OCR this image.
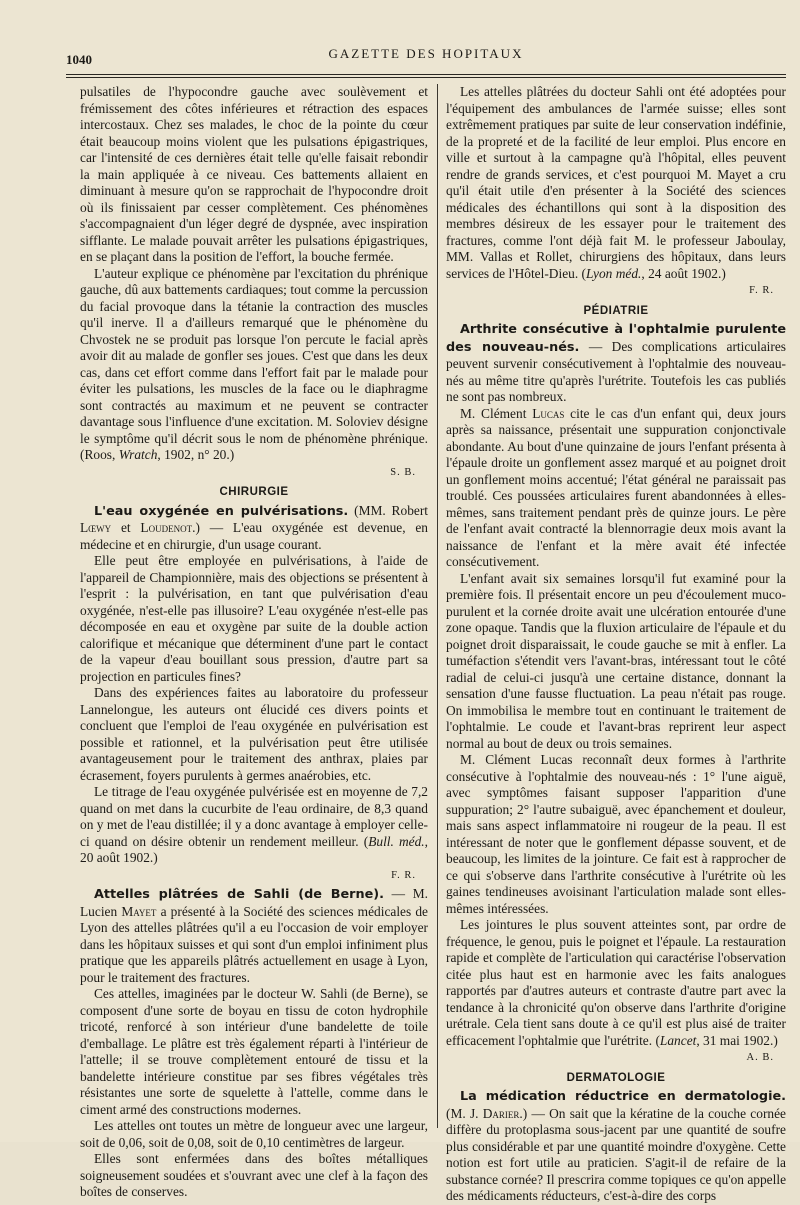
1040	GAZETTE DES HOPITAUX

pulsatiles de l'hypocondre gauche avec soulèvement et frémissement des côtes inférieures et rétraction des espaces intercostaux. Chez ses malades, le choc de la pointe du cœur était beaucoup moins violent que les pulsations épigastriques, car l'intensité de ces dernières était telle qu'elle faisait rebondir la main appliquée à ce niveau. Ces battements allaient en diminuant à mesure qu'on se rapprochait de l'hypocondre droit où ils finissaient par cesser complètement. Ces phénomènes s'accompagnaient d'un léger degré de dyspnée, avec inspiration sifflante. Le malade pouvait arrêter les pulsations épigastriques, en se plaçant dans la position de l'effort, la bouche fermée.

L'auteur explique ce phénomène par l'excitation du phrénique gauche, dû aux battements cardiaques; tout comme la percussion du facial provoque dans la tétanie la contraction des muscles qu'il inerve. Il a d'ailleurs remarqué que le phénomène du Chvostek ne se produit pas lorsque l'on percute le facial après avoir dit au malade de gonfler ses joues. C'est que dans les deux cas, dans cet effort comme dans l'effort fait par le malade pour éviter les pulsations, les muscles de la face ou le diaphragme sont contractés au maximum et ne peuvent se contracter davantage sous l'influence d'une excitation. M. Soloviev désigne le symptôme qu'il décrit sous le nom de phénomène phrénique. (Roos, Wratch, 1902, n° 20.)

S. B.
CHIRURGIE

L'eau oxygénée en pulvérisations. (MM. Robert Lœwy et Loudenot.) — L'eau oxygénée est devenue, en médecine et en chirurgie, d'un usage courant.

Elle peut être employée en pulvérisations, à l'aide de l'appareil de Championnière, mais des objections se présentent à l'esprit : la pulvérisation, en tant que pulvérisation d'eau oxygénée, n'est-elle pas illusoire? L'eau oxygénée n'est-elle pas décomposée en eau et oxygène par suite de la double action calorifique et mécanique que déterminent d'une part le contact de la vapeur d'eau bouillant sous pression, d'autre part sa projection en particules fines?

Dans des expériences faites au laboratoire du professeur Lannelongue, les auteurs ont élucidé ces divers points et concluent que l'emploi de l'eau oxygénée en pulvérisation est possible et rationnel, et la pulvérisation peut être utilisée avantageusement pour le traitement des anthrax, plaies par écrasement, foyers purulents à germes anaérobies, etc.

Le titrage de l'eau oxygénée pulvérisée est en moyenne de 7,2 quand on met dans la cucurbite de l'eau ordinaire, de 8,3 quand on y met de l'eau distillée; il y a donc avantage à employer celle-ci quand on désire obtenir un rendement meilleur. (Bull. méd., 20 août 1902.)

F. R.

Attelles plâtrées de Sahli (de Berne). — M. Lucien Mayet a présenté à la Société des sciences médicales de Lyon des attelles plâtrées qu'il a eu l'occasion de voir employer dans les hôpitaux suisses et qui sont d'un emploi infiniment plus pratique que les appareils plâtrés actuellement en usage à Lyon, pour le traitement des fractures.

Ces attelles, imaginées par le docteur W. Sahli (de Berne), se composent d'une sorte de boyau en tissu de coton hydrophile tricoté, renforcé à son intérieur d'une bandelette de toile d'emballage. Le plâtre est très également réparti à l'intérieur de l'attelle; il se trouve complètement entouré de tissu et la bandelette intérieure constitue par ses fibres végétales très résistantes une sorte de squelette à l'attelle, comme dans le ciment armé des constructions modernes.

Les attelles ont toutes un mètre de longueur avec une largeur, soit de 0,06, soit de 0,08, soit de 0,10 centimètres de largeur.

Elles sont enfermées dans des boîtes métalliques soigneusement soudées et s'ouvrant avec une clef à la façon des boîtes de conserves.

Les attelles plâtrées du docteur Sahli ont été adoptées pour l'équipement des ambulances de l'armée suisse; elles sont extrêmement pratiques par suite de leur conservation indéfinie, de la propreté et de la facilité de leur emploi. Plus encore en ville et surtout à la campagne qu'à l'hôpital, elles peuvent rendre de grands services, et c'est pourquoi M. Mayet a cru qu'il était utile d'en présenter à la Société des sciences médicales des échantillons qui sont à la disposition des membres désireux de les essayer pour le traitement des fractures, comme l'ont déjà fait M. le professeur Jaboulay, MM. Vallas et Rollet, chirurgiens des hôpitaux, dans leurs services de l'Hôtel-Dieu. (Lyon méd., 24 août 1902.)

F. R.
PÉDIATRIE

Arthrite consécutive à l'ophtalmie purulente des nouveau-nés. — Des complications articulaires peuvent survenir consécutivement à l'ophtalmie des nouveau-nés au même titre qu'après l'urétrite. Toutefois les cas publiés ne sont pas nombreux.

M. Clément Lucas cite le cas d'un enfant qui, deux jours après sa naissance, présentait une suppuration conjonctivale abondante. Au bout d'une quinzaine de jours l'enfant présenta à l'épaule droite un gonflement assez marqué et au poignet droit un gonflement moins accentué; l'état général ne paraissait pas troublé. Ces poussées articulaires furent abandonnées à elles-mêmes, sans traitement pendant près de quinze jours. Le père de l'enfant avait contracté la blennorragie deux mois avant la naissance de l'enfant et la mère avait été infectée consécutivement.

L'enfant avait six semaines lorsqu'il fut examiné pour la première fois. Il présentait encore un peu d'écoulement muco-purulent et la cornée droite avait une ulcération entourée d'une zone opaque. Tandis que la fluxion articulaire de l'épaule et du poignet droit disparaissait, le coude gauche se mit à enfler. La tuméfaction s'étendit vers l'avant-bras, intéressant tout le côté radial de celui-ci jusqu'à une certaine distance, donnant la sensation d'une fausse fluctuation. La peau n'était pas rouge. On immobilisa le membre tout en continuant le traitement de l'ophtalmie. Le coude et l'avant-bras reprirent leur aspect normal au bout de deux ou trois semaines.

M. Clément Lucas reconnaît deux formes à l'arthrite consécutive à l'ophtalmie des nouveau-nés : 1° l'une aiguë, avec symptômes faisant supposer l'apparition d'une suppuration; 2° l'autre subaiguë, avec épanchement et douleur, mais sans aspect inflammatoire ni rougeur de la peau. Il est intéressant de noter que le gonflement dépasse souvent, et de beaucoup, les limites de la jointure. Ce fait est à rapprocher de ce qui s'observe dans l'arthrite consécutive à l'urétrite où les gaines tendineuses avoisinant l'articulation malade sont elles-mêmes intéressées.

Les jointures le plus souvent atteintes sont, par ordre de fréquence, le genou, puis le poignet et l'épaule. La restauration rapide et complète de l'articulation qui caractérise l'observation citée plus haut est en harmonie avec les faits analogues rapportés par d'autres auteurs et contraste d'autre part avec la tendance à la chronicité qu'on observe dans l'arthrite d'origine urétrale. Cela tient sans doute à ce qu'il est plus aisé de traiter efficacement l'ophtalmie que l'urétrite. (Lancet, 31 mai 1902.)

A. B.
DERMATOLOGIE

La médication réductrice en dermatologie. (M. J. Darier.) — On sait que la kératine de la couche cornée diffère du protoplasma sous-jacent par une quantité de soufre plus considérable et par une quantité moindre d'oxygène. Cette notion est fort utile au praticien. S'agit-il de refaire de la substance cornée? Il prescrira comme topiques ce qu'on appelle des médicaments réducteurs, c'est-à-dire des corps
